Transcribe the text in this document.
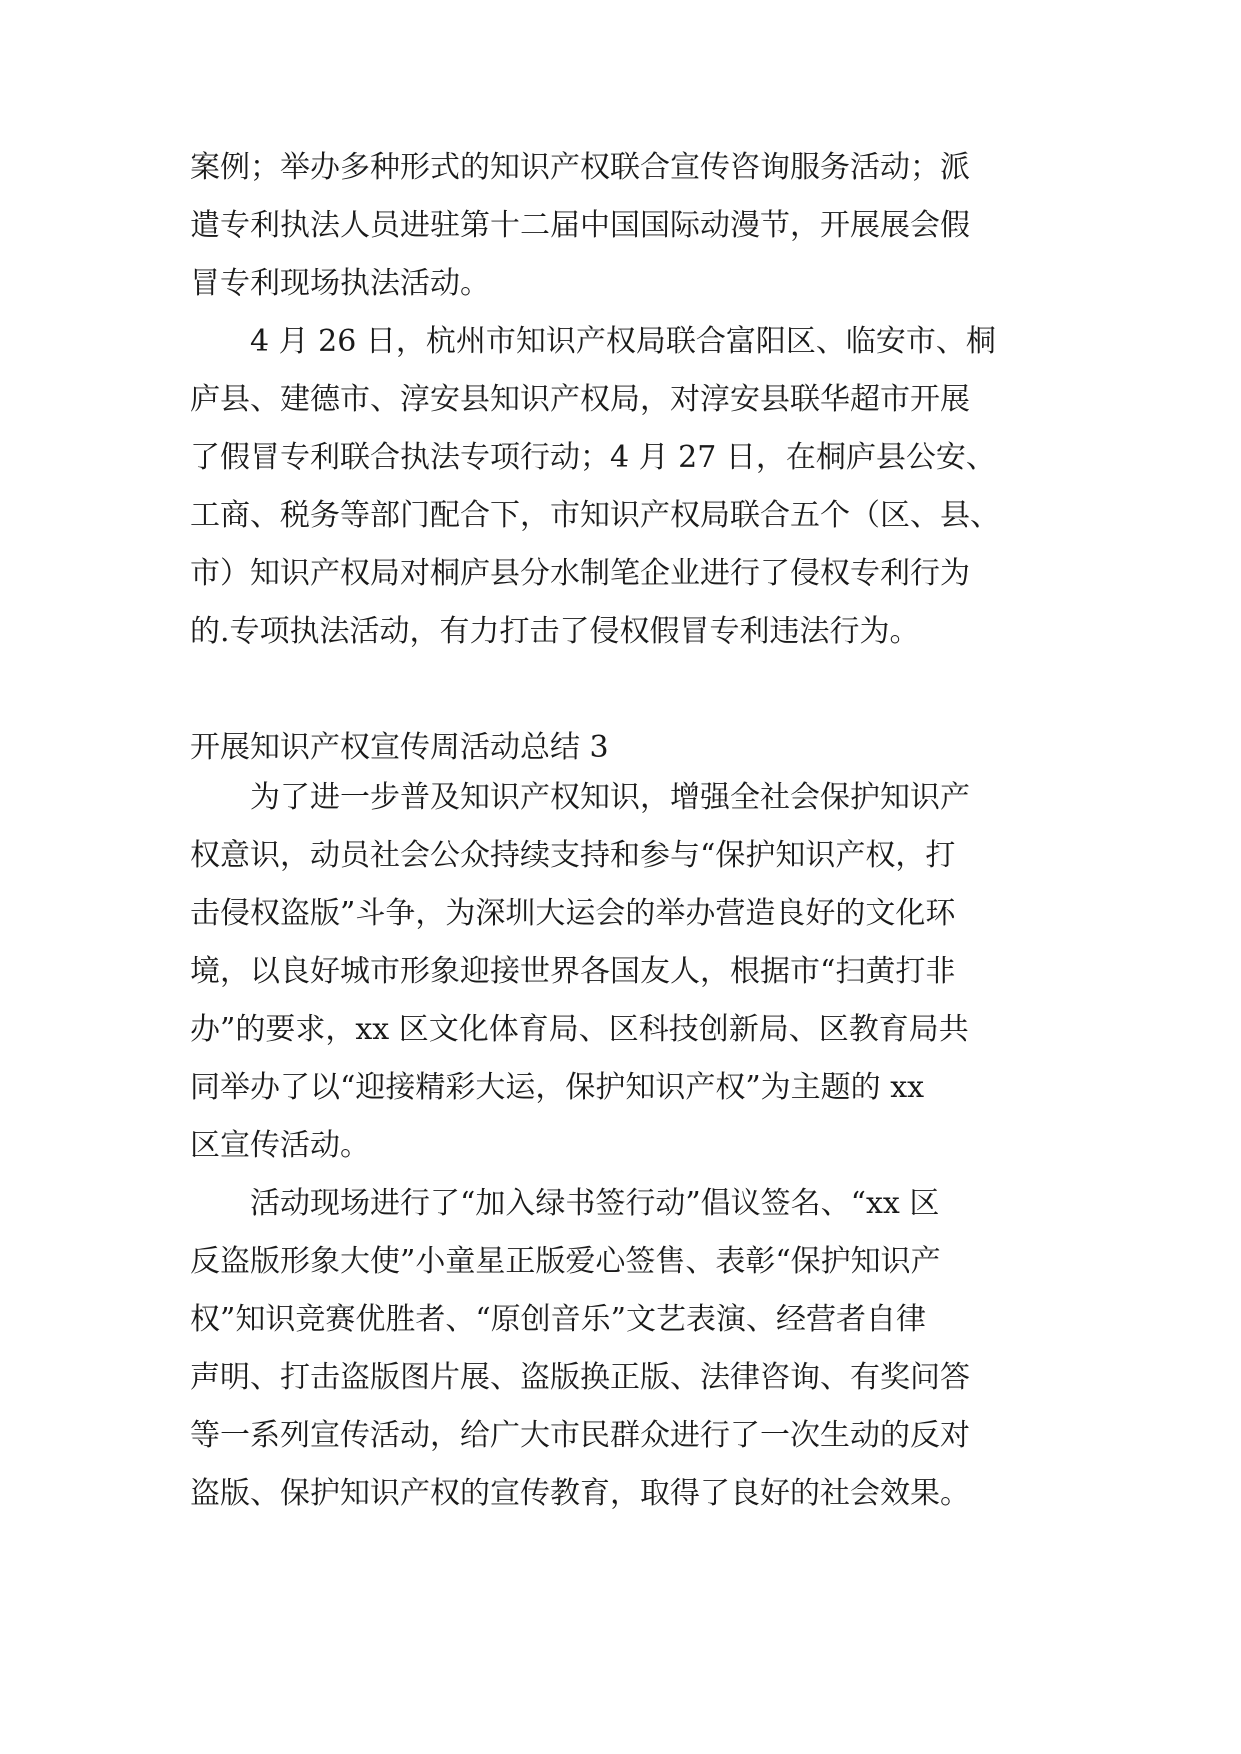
案例；举办多种形式的知识产权联合宣传咨询服务活动；派
遣专利执法人员进驻第十二届中国国际动漫节，开展展会假
冒专利现场执法活动。
4 月 26 日，杭州市知识产权局联合富阳区、临安市、桐
庐县、建德市、淳安县知识产权局，对淳安县联华超市开展
了假冒专利联合执法专项行动；4 月 27 日，在桐庐县公安、
工商、税务等部门配合下，市知识产权局联合五个（区、县、
市）知识产权局对桐庐县分水制笔企业进行了侵权专利行为
的.专项执法活动，有力打击了侵权假冒专利违法行为。
开展知识产权宣传周活动总结 3
为了进一步普及知识产权知识，增强全社会保护知识产
权意识，动员社会公众持续支持和参与“保护知识产权，打
击侵权盗版”斗争，为深圳大运会的举办营造良好的文化环
境，以良好城市形象迎接世界各国友人，根据市“扫黄打非
办”的要求，xx 区文化体育局、区科技创新局、区教育局共
同举办了以“迎接精彩大运，保护知识产权”为主题的 xx
区宣传活动。
活动现场进行了“加入绿书签行动”倡议签名、“xx 区
反盗版形象大使”小童星正版爱心签售、表彰“保护知识产
权”知识竞赛优胜者、“原创音乐”文艺表演、经营者自律
声明、打击盗版图片展、盗版换正版、法律咨询、有奖问答
等一系列宣传活动，给广大市民群众进行了一次生动的反对
盗版、保护知识产权的宣传教育，取得了良好的社会效果。
